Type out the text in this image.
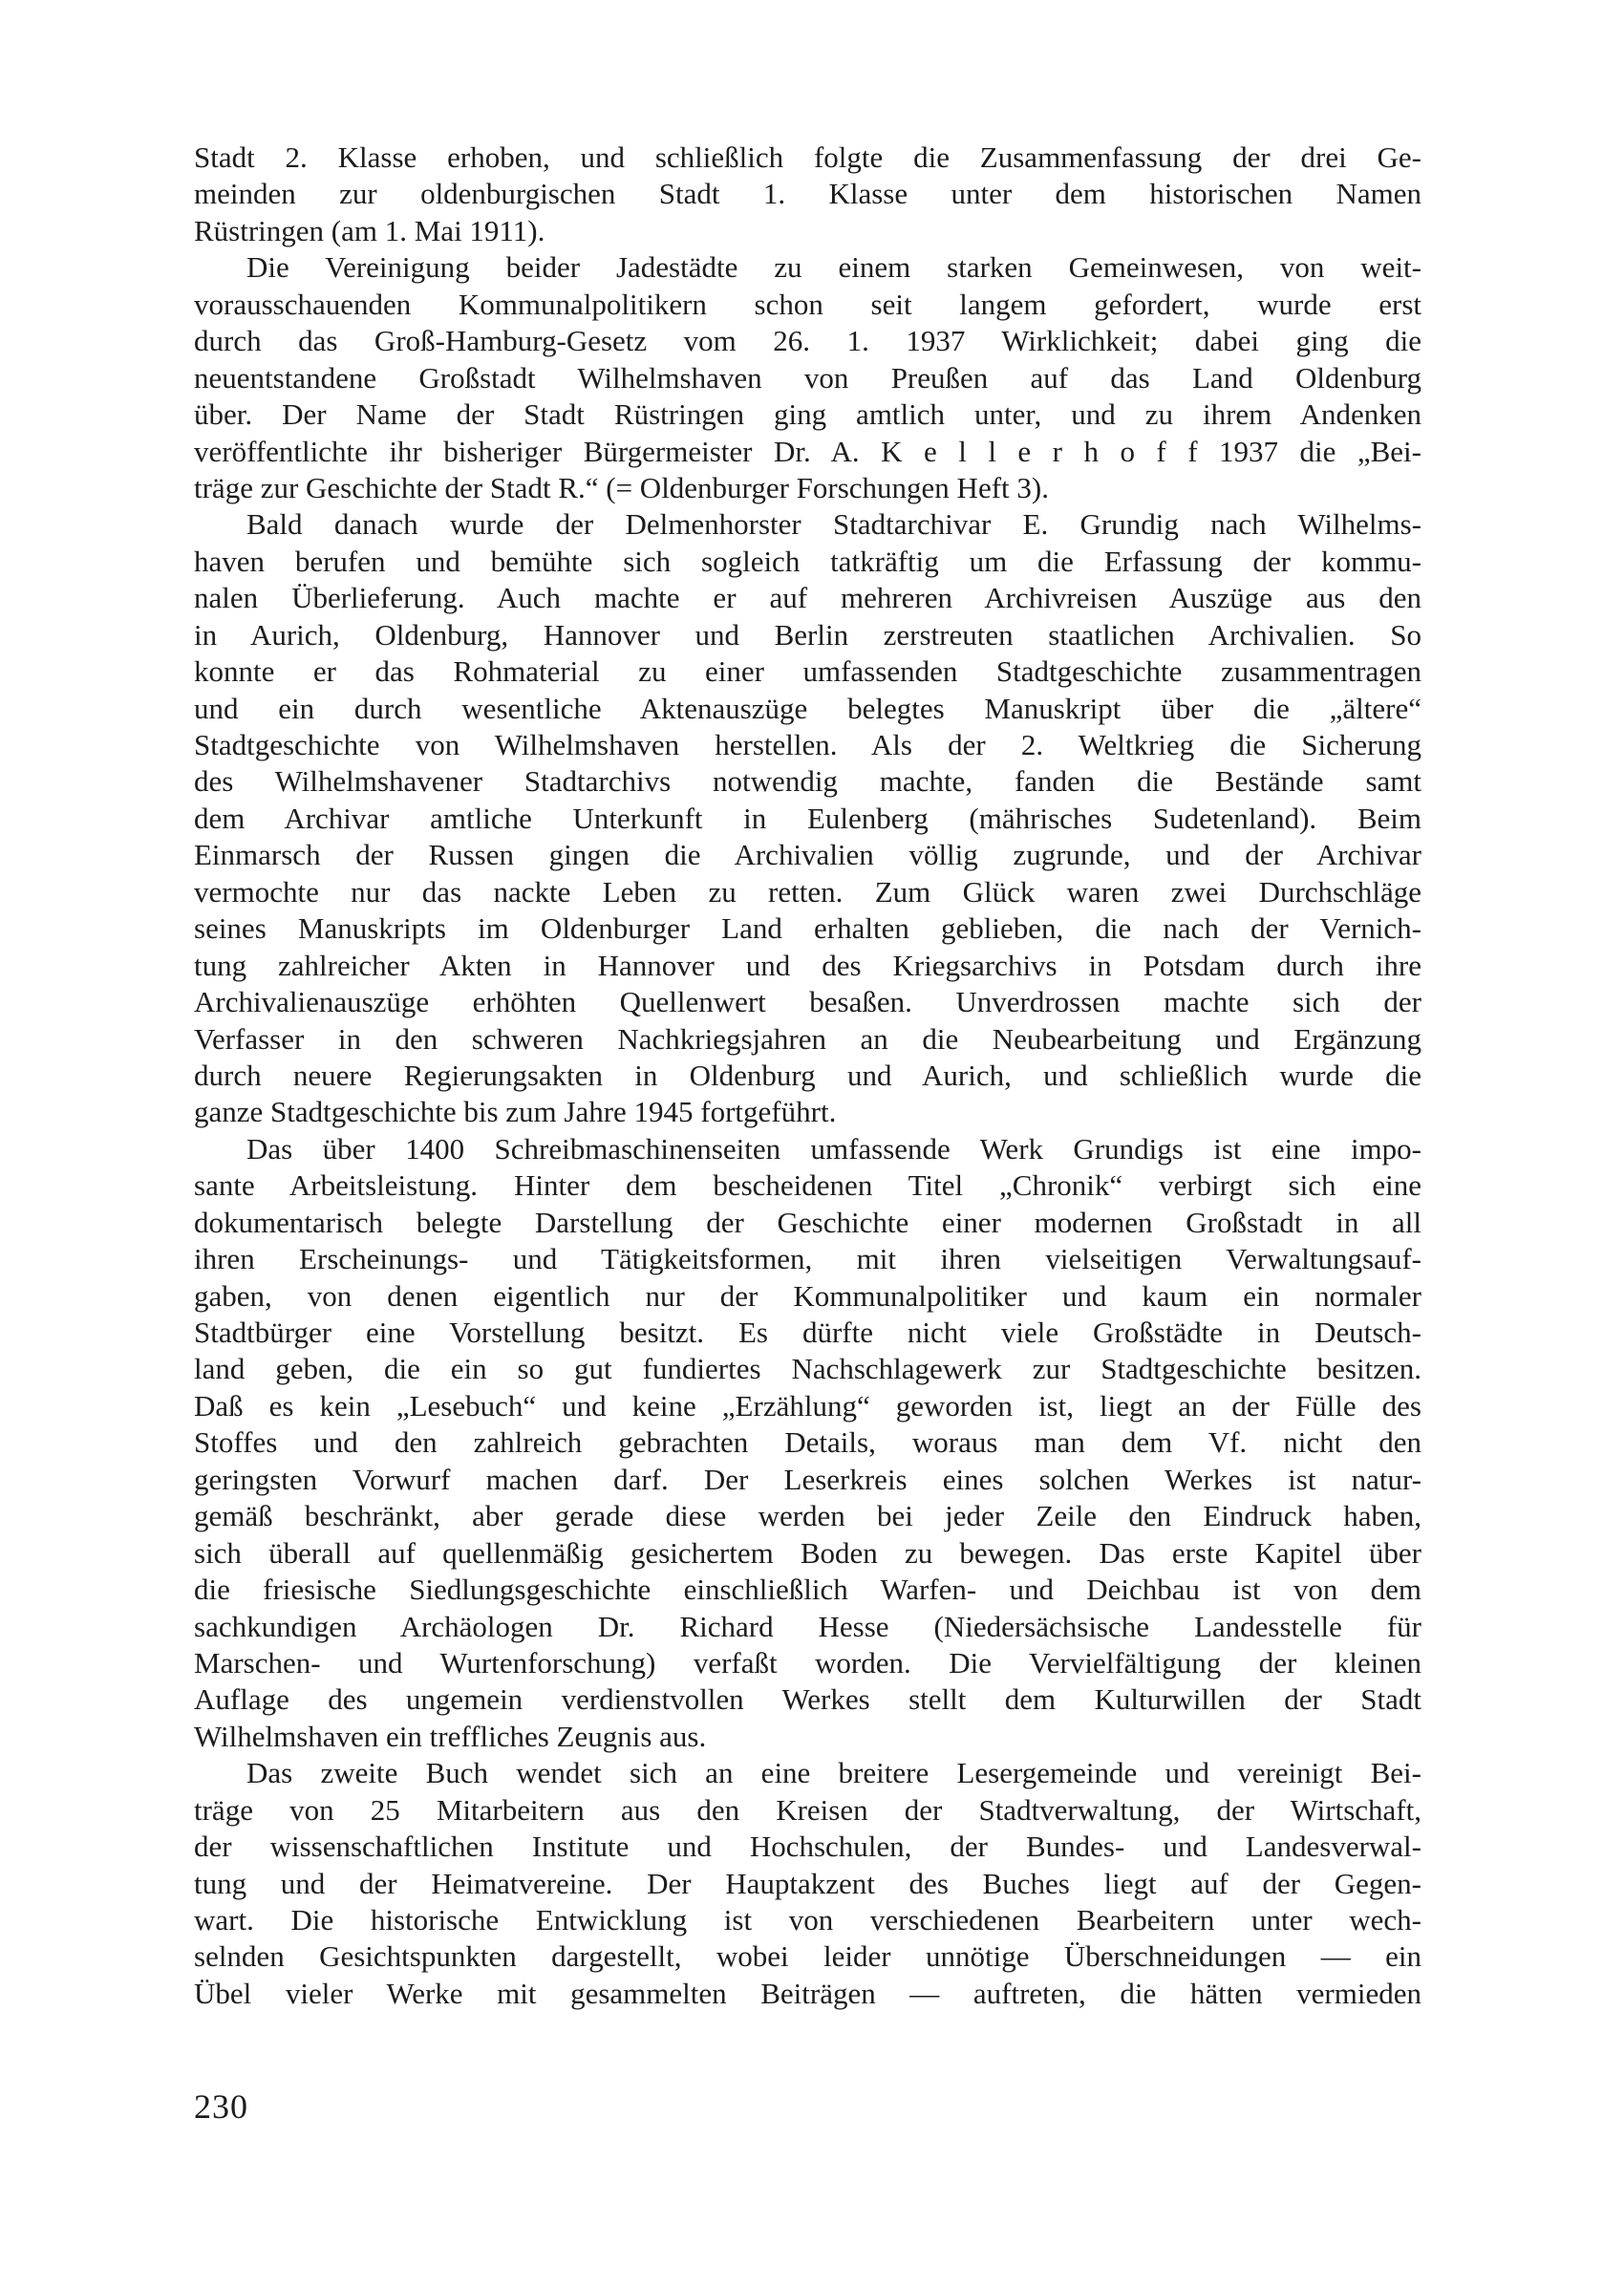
Stadt 2. Klasse erhoben, und schließlich folgte die Zusammenfassung der drei Ge-
meinden zur oldenburgischen Stadt 1. Klasse unter dem historischen Namen
Rüstringen (am 1. Mai 1911).
Die Vereinigung beider Jadestädte zu einem starken Gemeinwesen, von weit-
vorausschauenden Kommunalpolitikern schon seit langem gefordert, wurde erst
durch das Groß-Hamburg-Gesetz vom 26. 1. 1937 Wirklichkeit; dabei ging die
neuentstandene Großstadt Wilhelmshaven von Preußen auf das Land Oldenburg
über. Der Name der Stadt Rüstringen ging amtlich unter, und zu ihrem Andenken
veröffentlichte ihr bisheriger Bürgermeister Dr. A. K e l l e r h o f f 1937 die „Bei-
träge zur Geschichte der Stadt R.“ (= Oldenburger Forschungen Heft 3).
Bald danach wurde der Delmenhorster Stadtarchivar E. Grundig nach Wilhelms-
haven berufen und bemühte sich sogleich tatkräftig um die Erfassung der kommu-
nalen Überlieferung. Auch machte er auf mehreren Archivreisen Auszüge aus den
in Aurich, Oldenburg, Hannover und Berlin zerstreuten staatlichen Archivalien. So
konnte er das Rohmaterial zu einer umfassenden Stadtgeschichte zusammentragen
und ein durch wesentliche Aktenauszüge belegtes Manuskript über die „ältere“
Stadtgeschichte von Wilhelmshaven herstellen. Als der 2. Weltkrieg die Sicherung
des Wilhelmshavener Stadtarchivs notwendig machte, fanden die Bestände samt
dem Archivar amtliche Unterkunft in Eulenberg (mährisches Sudetenland). Beim
Einmarsch der Russen gingen die Archivalien völlig zugrunde, und der Archivar
vermochte nur das nackte Leben zu retten. Zum Glück waren zwei Durchschläge
seines Manuskripts im Oldenburger Land erhalten geblieben, die nach der Vernich-
tung zahlreicher Akten in Hannover und des Kriegsarchivs in Potsdam durch ihre
Archivalienauszüge erhöhten Quellenwert besaßen. Unverdrossen machte sich der
Verfasser in den schweren Nachkriegsjahren an die Neubearbeitung und Ergänzung
durch neuere Regierungsakten in Oldenburg und Aurich, und schließlich wurde die
ganze Stadtgeschichte bis zum Jahre 1945 fortgeführt.
Das über 1400 Schreibmaschinenseiten umfassende Werk Grundigs ist eine impo-
sante Arbeitsleistung. Hinter dem bescheidenen Titel „Chronik“ verbirgt sich eine
dokumentarisch belegte Darstellung der Geschichte einer modernen Großstadt in all
ihren Erscheinungs- und Tätigkeitsformen, mit ihren vielseitigen Verwaltungsauf-
gaben, von denen eigentlich nur der Kommunalpolitiker und kaum ein normaler
Stadtbürger eine Vorstellung besitzt. Es dürfte nicht viele Großstädte in Deutsch-
land geben, die ein so gut fundiertes Nachschlagewerk zur Stadtgeschichte besitzen.
Daß es kein „Lesebuch“ und keine „Erzählung“ geworden ist, liegt an der Fülle des
Stoffes und den zahlreich gebrachten Details, woraus man dem Vf. nicht den
geringsten Vorwurf machen darf. Der Leserkreis eines solchen Werkes ist natur-
gemäß beschränkt, aber gerade diese werden bei jeder Zeile den Eindruck haben,
sich überall auf quellenmäßig gesichertem Boden zu bewegen. Das erste Kapitel über
die friesische Siedlungsgeschichte einschließlich Warfen- und Deichbau ist von dem
sachkundigen Archäologen Dr. Richard Hesse (Niedersächsische Landesstelle für
Marschen- und Wurtenforschung) verfaßt worden. Die Vervielfältigung der kleinen
Auflage des ungemein verdienstvollen Werkes stellt dem Kulturwillen der Stadt
Wilhelmshaven ein treffliches Zeugnis aus.
Das zweite Buch wendet sich an eine breitere Lesergemeinde und vereinigt Bei-
träge von 25 Mitarbeitern aus den Kreisen der Stadtverwaltung, der Wirtschaft,
der wissenschaftlichen Institute und Hochschulen, der Bundes- und Landesverwal-
tung und der Heimatvereine. Der Hauptakzent des Buches liegt auf der Gegen-
wart. Die historische Entwicklung ist von verschiedenen Bearbeitern unter wech-
selnden Gesichtspunkten dargestellt, wobei leider unnötige Überschneidungen — ein
Übel vieler Werke mit gesammelten Beiträgen — auftreten, die hätten vermieden
230
